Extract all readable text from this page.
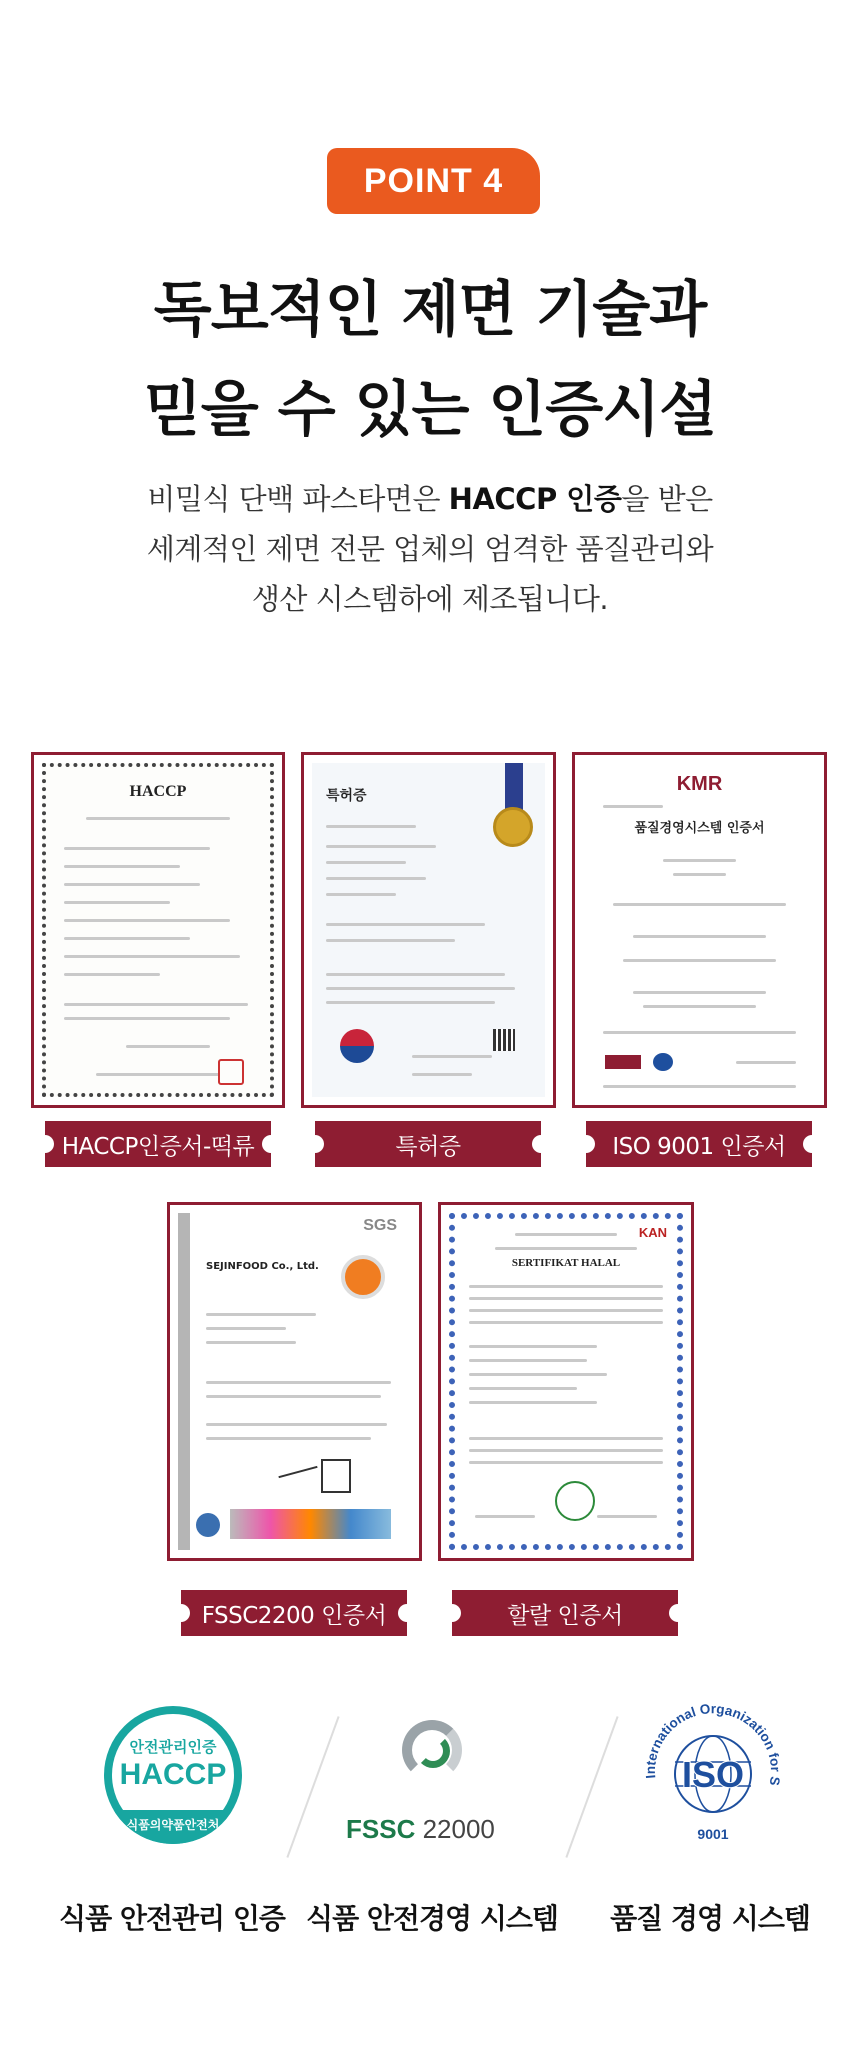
POINT 4
독보적인 제면 기술과
믿을 수 있는 인증시설
비밀식 단백 파스타면은 HACCP 인증을 받은
세계적인 제면 전문 업체의 엄격한 품질관리와
생산 시스템하에 제조됩니다.
HACCP
HACCP인증서-떡류
특허증
특허증
KMR
품질경영시스템 인증서
ISO 9001 인증서
SGS
SEJINFOOD Co., Ltd.
FSSC2200 인증서
KAN
SERTIFIKAT HALAL
할랄 인증서
안전관리인증
HACCP
식품의약품안전처	FSSC 22000
International Organization for S
ISO
9001
식품 안전관리 인증 식품 안전경영 시스템	품질 경영 시스템
